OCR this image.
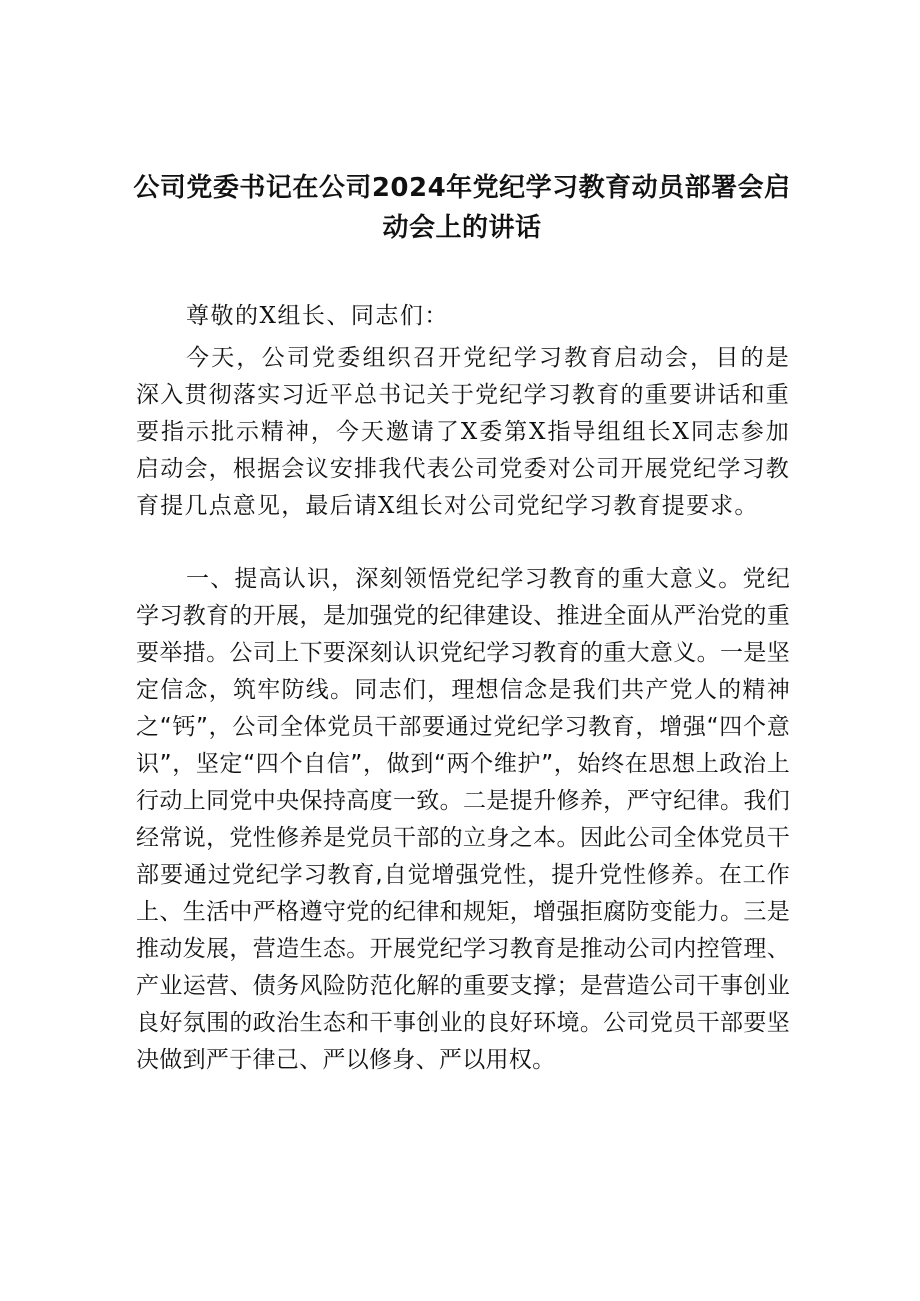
公司党委书记在公司2024年党纪学习教育动员部署会启动会上的讲话

尊敬的X组长、同志们：

今天，公司党委组织召开党纪学习教育启动会，目的是深入贯彻落实习近平总书记关于党纪学习教育的重要讲话和重要指示批示精神，今天邀请了X委第X指导组组长X同志参加启动会，根据会议安排我代表公司党委对公司开展党纪学习教育提几点意见，最后请X组长对公司党纪学习教育提要求。

一、提高认识，深刻领悟党纪学习教育的重大意义。党纪学习教育的开展，是加强党的纪律建设、推进全面从严治党的重要举措。公司上下要深刻认识党纪学习教育的重大意义。一是坚定信念，筑牢防线。同志们，理想信念是我们共产党人的精神之“钙”，公司全体党员干部要通过党纪学习教育，增强“四个意识”，坚定“四个自信”，做到“两个维护”，始终在思想上政治上行动上同党中央保持高度一致。二是提升修养，严守纪律。我们经常说，党性修养是党员干部的立身之本。因此公司全体党员干部要通过党纪学习教育,自觉增强党性，提升党性修养。在工作上、生活中严格遵守党的纪律和规矩，增强拒腐防变能力。三是推动发展，营造生态。开展党纪学习教育是推动公司内控管理、产业运营、债务风险防范化解的重要支撑；是营造公司干事创业良好氛围的政治生态和干事创业的良好环境。公司党员干部要坚决做到严于律己、严以修身、严以用权。
